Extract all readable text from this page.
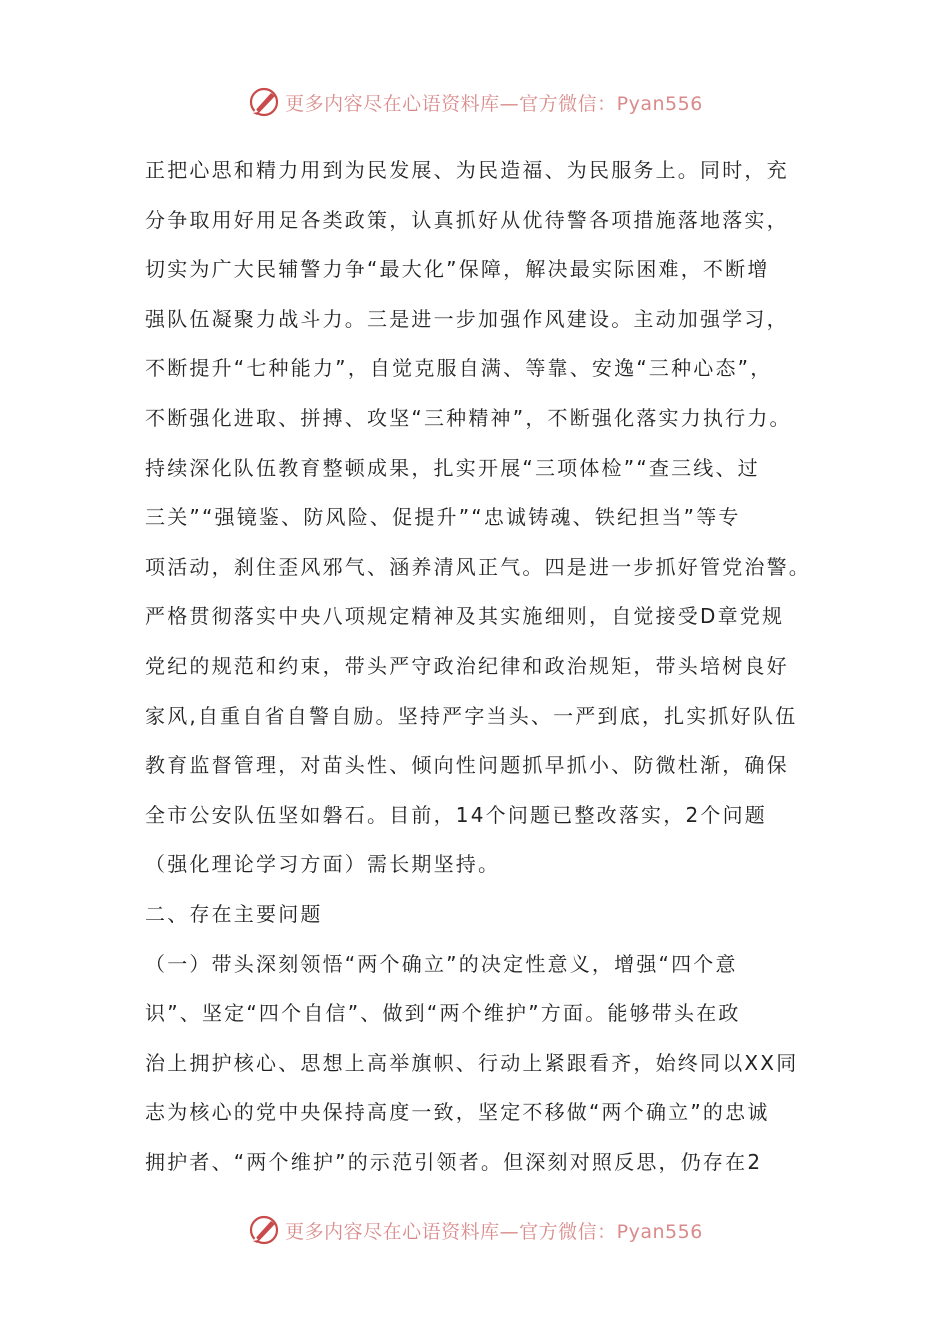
更多内容尽在心语资料库—官方微信：Pyan556
正把心思和精力用到为民发展、为民造福、为民服务上。同时，充
分争取用好用足各类政策，认真抓好从优待警各项措施落地落实，
切实为广大民辅警力争“最大化”保障，解决最实际困难，不断增
强队伍凝聚力战斗力。三是进一步加强作风建设。主动加强学习，
不断提升“七种能力”，自觉克服自满、等靠、安逸“三种心态”，
不断强化进取、拼搏、攻坚“三种精神”，不断强化落实力执行力。
持续深化队伍教育整顿成果，扎实开展“三项体检”“查三线、过
三关”“强镜鉴、防风险、促提升”“忠诚铸魂、铁纪担当”等专
项活动，刹住歪风邪气、涵养清风正气。四是进一步抓好管党治警。
严格贯彻落实中央八项规定精神及其实施细则，自觉接受D章党规
党纪的规范和约束，带头严守政治纪律和政治规矩，带头培树良好
家风,自重自省自警自励。坚持严字当头、一严到底，扎实抓好队伍
教育监督管理，对苗头性、倾向性问题抓早抓小、防微杜渐，确保
全市公安队伍坚如磐石。目前，14个问题已整改落实，2个问题
（强化理论学习方面）需长期坚持。
二、存在主要问题
（一）带头深刻领悟“两个确立”的决定性意义，增强“四个意
识”、坚定“四个自信”、做到“两个维护”方面。能够带头在政
治上拥护核心、思想上高举旗帜、行动上紧跟看齐，始终同以XX同
志为核心的党中央保持高度一致，坚定不移做“两个确立”的忠诚
拥护者、“两个维护”的示范引领者。但深刻对照反思，仍存在2
更多内容尽在心语资料库—官方微信：Pyan556
